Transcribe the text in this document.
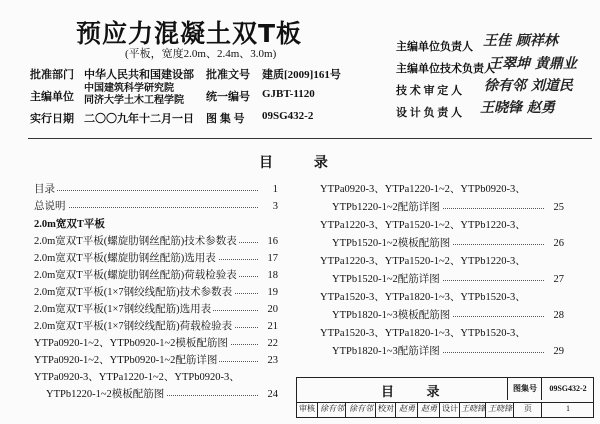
预应力混凝土双T板
(平板，宽度2.0m、2.4m、3.0m)
批准部门 中华人民共和国建设部 批准文号 建质[2009]161号
主编单位
中国建筑科学研究院
同济大学土木工程学院 统一编号 GJBT-1120
实行日期 二〇〇九年十二月一日 图 集 号 09SG432-2
主编单位负责人 王佳 顾祥林
主编单位技术负责人
王翠坤 黄鼎业
技 术 审 定 人 徐有邻 刘道民
设 计 负 责 人 王晓锋 赵勇
目 录
目录	1
总说明	3
2.0m宽双T平板
2.0m宽双T平板(螺旋肋钢丝配筋)技术参数表	16
2.0m宽双T平板(螺旋肋钢丝配筋)选用表	17
2.0m宽双T平板(螺旋肋钢丝配筋)荷载检验表	18
2.0m宽双T平板(1×7钢绞线配筋)技术参数表	19
2.0m宽双T平板(1×7钢绞线配筋)选用表	20
2.0m宽双T平板(1×7钢绞线配筋)荷载检验表	21
YTPa0920-1~2、YTPb0920-1~2模板配筋图	22
YTPa0920-1~2、YTPb0920-1~2配筋详图	23
YTPa0920-3、YTPa1220-1~2、YTPb0920-3、
YTPb1220-1~2模板配筋图	24
YTPa0920-3、YTPa1220-1~2、YTPb0920-3、
YTPb1220-1~2配筋详图	25
YTPa1220-3、YTPa1520-1~2、YTPb1220-3、
YTPb1520-1~2模板配筋图	26
YTPa1220-3、YTPa1520-1~2、YTPb1220-3、
YTPb1520-1~2配筋详图	27
YTPa1520-3、YTPa1820-1~3、YTPb1520-3、
YTPb1820-1~3模板配筋图	28
YTPa1520-3、YTPa1820-1~3、YTPb1520-3、
YTPb1820-1~3配筋详图	29
目 录	图集号	09SG432-2
审核 徐有邻 徐有邻 校对 赵勇 赵勇 设计 王晓锋 王晓锋	页	1
